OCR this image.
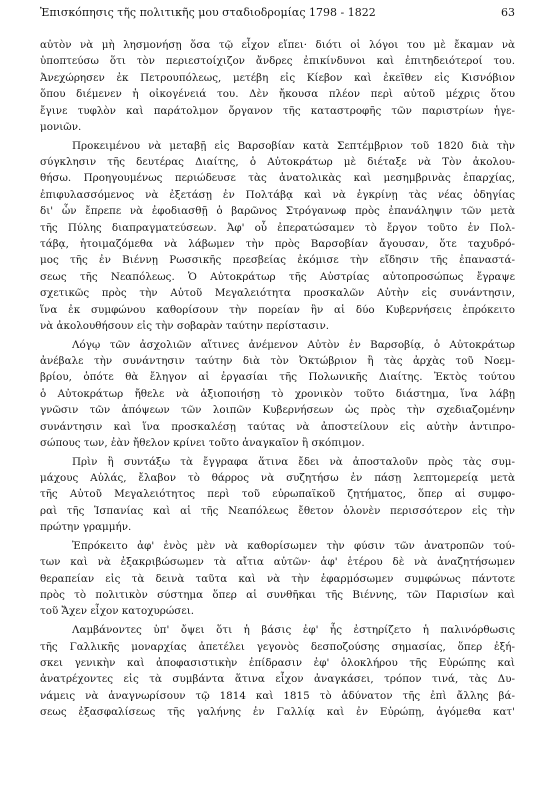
Ἐπισκόπησις τῆς πολιτικῆς μου σταδιοδρομίας 1798 - 1822	63
αὐτὸν νὰ μὴ λησμονήσῃ ὅσα τῷ εἶχον εἴπει· διότι οἱ λόγοι του μὲ ἔκαμαν νὰ
ὑποπτεύσω ὅτι τὸν περιεστοίχιζον ἄνδρες ἐπικίνδυνοι καὶ ἐπιτηδειότεροί του.
Ἀνεχώρησεν ἐκ Πετρουπόλεως, μετέβη εἰς Κίεβον καὶ ἐκεῖθεν εἰς Κισνόβιον
ὅπου διέμενεν ἡ οἰκογένειά του. Δὲν ἤκουσα πλέον περὶ αὐτοῦ μέχρις ὅτου
ἔγινε τυφλὸν καὶ παράτολμον ὄργανον τῆς καταστροφῆς τῶν παριστρίων ἡγε-
μονιῶν.
Προκειμένου νὰ μεταβῇ εἰς Βαρσοβίαν κατὰ Σεπτέμβριον τοῦ 1820 διὰ τὴν
σύγκλησιν τῆς δευτέρας Διαίτης, ὁ Αὐτοκράτωρ μὲ διέταξε νὰ Τὸν ἀκολου-
θήσω. Προηγουμένως περιώδευσε τὰς ἀνατολικὰς καὶ μεσημβρινὰς ἐπαρχίας,
ἐπιφυλασσόμενος νὰ ἐξετάσῃ ἐν Πολτάβᾳ καὶ νὰ ἐγκρίνῃ τὰς νέας ὁδηγίας
δι' ὧν ἔπρεπε νὰ ἐφοδιασθῇ ὁ βαρῶνος Στρόγανωφ πρὸς ἐπανάληψιν τῶν μετὰ
τῆς Πύλης διαπραγματεύσεων. Ἀφ' οὗ ἐπερατώσαμεν τὸ ἔργον τοῦτο ἐν Πολ-
τάβᾳ, ἡτοιμαζόμεθα νὰ λάβωμεν τὴν πρὸς Βαρσοβίαν ἄγουσαν, ὅτε ταχυδρό-
μος τῆς ἐν Βιέννῃ Ρωσσικῆς πρεσβείας ἐκόμισε τὴν εἴδησιν τῆς ἐπαναστά-
σεως τῆς Νεαπόλεως. Ὁ Αὐτοκράτωρ τῆς Αὐστρίας αὐτοπροσώπως ἔγραψε
σχετικῶς πρὸς τὴν Αὐτοῦ Μεγαλειότητα προσκαλῶν Αὐτὴν εἰς συνάντησιν,
ἵνα ἐκ συμφώνου καθορίσουν τὴν πορείαν ἣν αἱ δύο Κυβερνήσεις ἐπρόκειτο
νὰ ἀκολουθήσουν εἰς τὴν σοβαρὰν ταύτην περίστασιν.
Λόγῳ τῶν ἀσχολιῶν αἵτινες ἀνέμενον Αὐτὸν ἐν Βαρσοβίᾳ, ὁ Αὐτοκράτωρ
ἀνέβαλε τὴν συνάντησιν ταύτην διὰ τὸν Ὀκτώβριον ἢ τὰς ἀρχὰς τοῦ Νοεμ-
βρίου, ὁπότε θὰ ἔληγον αἱ ἐργασίαι τῆς Πολωνικῆς Διαίτης. Ἐκτὸς τούτου
ὁ Αὐτοκράτωρ ἤθελε νὰ ἀξιοποιήσῃ τὸ χρονικὸν τοῦτο διάστημα, ἵνα λάβῃ
γνῶσιν τῶν ἀπόψεων τῶν λοιπῶν Κυβερνήσεων ὡς πρὸς τὴν σχεδιαζομένην
συνάντησιν καὶ ἵνα προσκαλέσῃ ταύτας νὰ ἀποστείλουν εἰς αὐτὴν ἀντιπρο-
σώπους των, ἐὰν ἤθελον κρίνει τοῦτο ἀναγκαῖον ἢ σκόπιμον.
Πρὶν ἢ συντάξω τὰ ἔγγραφα ἅτινα ἔδει νὰ ἀποσταλοῦν πρὸς τὰς συμ-
μάχους Αὐλάς, ἔλαβον τὸ θάρρος νὰ συζητήσω ἐν πάσῃ λεπτομερείᾳ μετὰ
τῆς Αὐτοῦ Μεγαλειότητος περὶ τοῦ εὐρωπαϊκοῦ ζητήματος, ὅπερ αἱ συμφο-
ραὶ τῆς Ἱσπανίας καὶ αἱ τῆς Νεαπόλεως ἔθετον ὁλονὲν περισσότερον εἰς τὴν
πρώτην γραμμήν.
Ἐπρόκειτο ἀφ' ἑνὸς μὲν νὰ καθορίσωμεν τὴν φύσιν τῶν ἀνατροπῶν τού-
των καὶ νὰ ἐξακριβώσωμεν τὰ αἴτια αὐτῶν· ἀφ' ἑτέρου δὲ νὰ ἀναζητήσωμεν
θεραπείαν εἰς τὰ δεινὰ ταῦτα καὶ νὰ τὴν ἐφαρμόσωμεν συμφώνως πάντοτε
πρὸς τὸ πολιτικὸν σύστημα ὅπερ αἱ συνθῆκαι τῆς Βιέννης, τῶν Παρισίων καὶ
τοῦ Ἄχεν εἶχον κατοχυρώσει.
Λαμβάνοντες ὑπ' ὄψει ὅτι ἡ βάσις ἐφ' ἧς ἐστηρίζετο ἡ παλινόρθωσις
τῆς Γαλλικῆς μοναρχίας ἀπετέλει γεγονὸς δεσποζούσης σημασίας, ὅπερ ἐξή-
σκει γενικὴν καὶ ἀποφασιστικὴν ἐπίδρασιν ἐφ' ὁλοκλήρου τῆς Εὐρώπης καὶ
ἀνατρέχοντες εἰς τὰ συμβάντα ἅτινα εἶχον ἀναγκάσει, τρόπον τινά, τὰς Δυ-
νάμεις νὰ ἀναγνωρίσουν τῷ 1814 καὶ 1815 τὸ ἀδύνατον τῆς ἐπὶ ἄλλης βά-
σεως ἐξασφαλίσεως τῆς γαλήνης ἐν Γαλλίᾳ καὶ ἐν Εὐρώπῃ, ἀγόμεθα κατ'
